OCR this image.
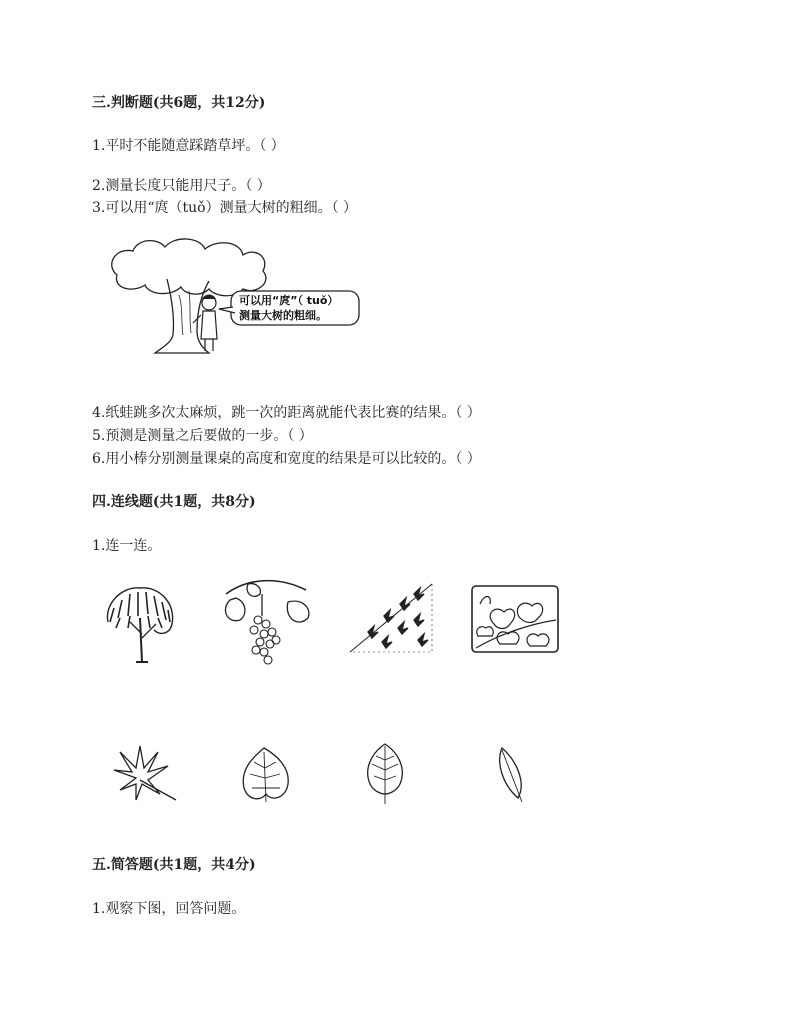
三.判断题(共6题，共12分)
1.平时不能随意踩踏草坪。（ ）
2.测量长度只能用尺子。（ ）
3.可以用“庹（tuǒ）测量大树的粗细。（ ）
可以用“庹”（ tuǒ）
测量大树的粗细。
4.纸蛙跳多次太麻烦，跳一次的距离就能代表比赛的结果。（ ）
5.预测是测量之后要做的一步。（ ）
6.用小棒分别测量课桌的高度和宽度的结果是可以比较的。（ ）
四.连线题(共1题，共8分)
1.连一连。
五.简答题(共1题，共4分)
1.观察下图，回答问题。
